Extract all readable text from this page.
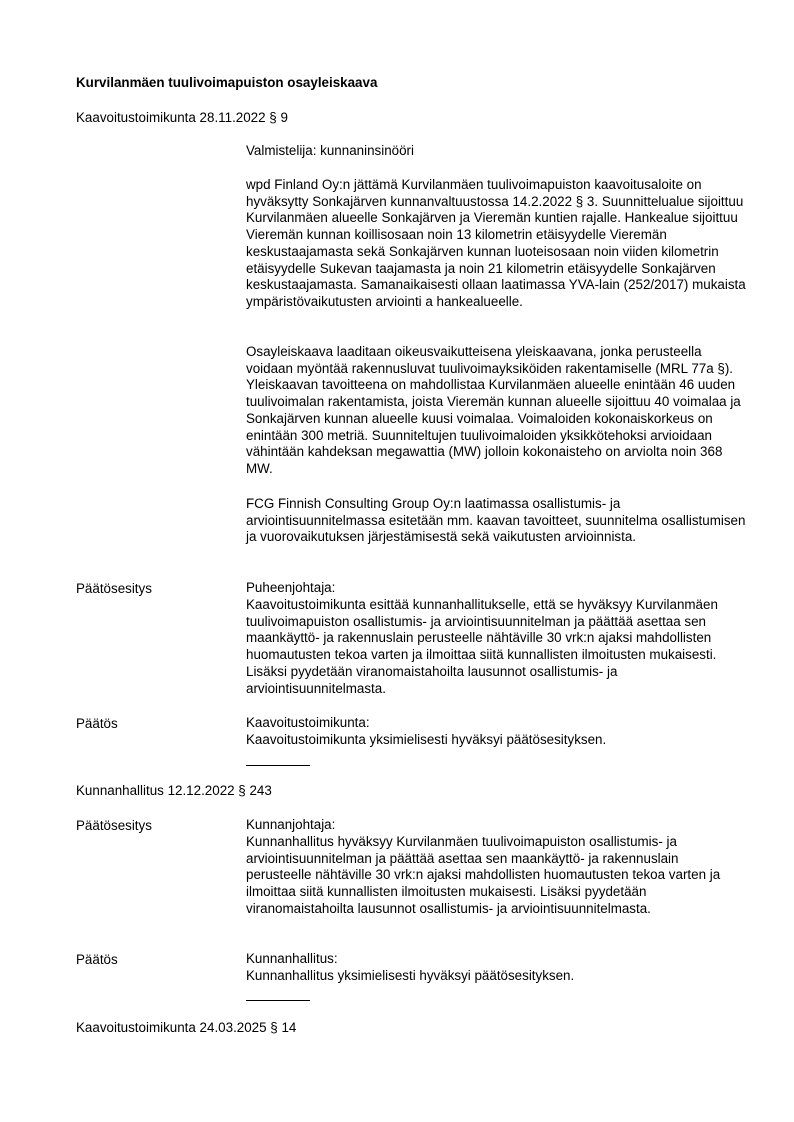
Kurvilanmäen tuulivoimapuiston osayleiskaava
Kaavoitustoimikunta 28.11.2022 § 9
Valmistelija: kunnaninsinööri
wpd Finland Oy:n jättämä Kurvilanmäen tuulivoimapuiston kaavoitusaloite on hyväksytty Sonkajärven kunnanvaltuustossa 14.2.2022 § 3. Suunnittelualue sijoittuu Kurvilanmäen alueelle Sonkajärven ja Vieremän kuntien rajalle. Hankealue sijoittuu Vieremän kunnan koillisosaan noin 13 kilometrin etäisyydelle Vieremän keskustaajamasta sekä Sonkajärven kunnan luoteisosaan noin viiden kilometrin etäisyydelle Sukevan taajamasta ja noin 21 kilometrin etäisyydelle Sonkajärven keskustaajamasta. Samanaikaisesti ollaan laatimassa YVA-lain (252/2017) mukaista ympäristövaikutusten arviointi a hankealueelle.
Osayleiskaava laaditaan oikeusvaikutteisena yleiskaavana, jonka perusteella voidaan myöntää rakennusluvat tuulivoimayksiköiden rakentamiselle (MRL 77a §). Yleiskaavan tavoitteena on mahdollistaa Kurvilanmäen alueelle enintään 46 uuden tuulivoimalan rakentamista, joista Vieremän kunnan alueelle sijoittuu 40 voimalaa ja Sonkajärven kunnan alueelle kuusi voimalaa. Voimaloiden kokonaiskorkeus on enintään 300 metriä. Suunniteltujen tuulivoimaloiden yksikkötehoksi arvioidaan vähintään kahdeksan megawattia (MW) jolloin kokonaisteho on arviolta noin 368 MW.
FCG Finnish Consulting Group Oy:n laatimassa osallistumis- ja arviointisuunnitelmassa esitetään mm. kaavan tavoitteet, suunnitelma osallistumisen ja vuorovaikutuksen järjestämisestä sekä vaikutusten arvioinnista.
Päätösesitys	Puheenjohtaja:
Kaavoitustoimikunta esittää kunnanhallitukselle, että se hyväksyy Kurvilanmäen tuulivoimapuiston osallistumis- ja arviointisuunnitelman ja päättää asettaa sen maankäyttö- ja rakennuslain perusteelle nähtäville 30 vrk:n ajaksi mahdollisten huomautusten tekoa varten ja ilmoittaa siitä kunnallisten ilmoitusten mukaisesti. Lisäksi pyydetään viranomaistahoilta lausunnot osallistumis- ja arviointisuunnitelmasta.
Päätös	Kaavoitustoimikunta:
Kaavoitustoimikunta yksimielisesti hyväksyi päätösesityksen.
Kunnanhallitus 12.12.2022 § 243
Päätösesitys	Kunnanjohtaja:
Kunnanhallitus hyväksyy Kurvilanmäen tuulivoimapuiston osallistumis- ja arviointisuunnitelman ja päättää asettaa sen maankäyttö- ja rakennuslain perusteelle nähtäville 30 vrk:n ajaksi mahdollisten huomautusten tekoa varten ja ilmoittaa siitä kunnallisten ilmoitusten mukaisesti. Lisäksi pyydetään viranomaistahoilta lausunnot osallistumis- ja arviointisuunnitelmasta.
Päätös	Kunnanhallitus:
Kunnanhallitus yksimielisesti hyväksyi päätösesityksen.
Kaavoitustoimikunta 24.03.2025 § 14
